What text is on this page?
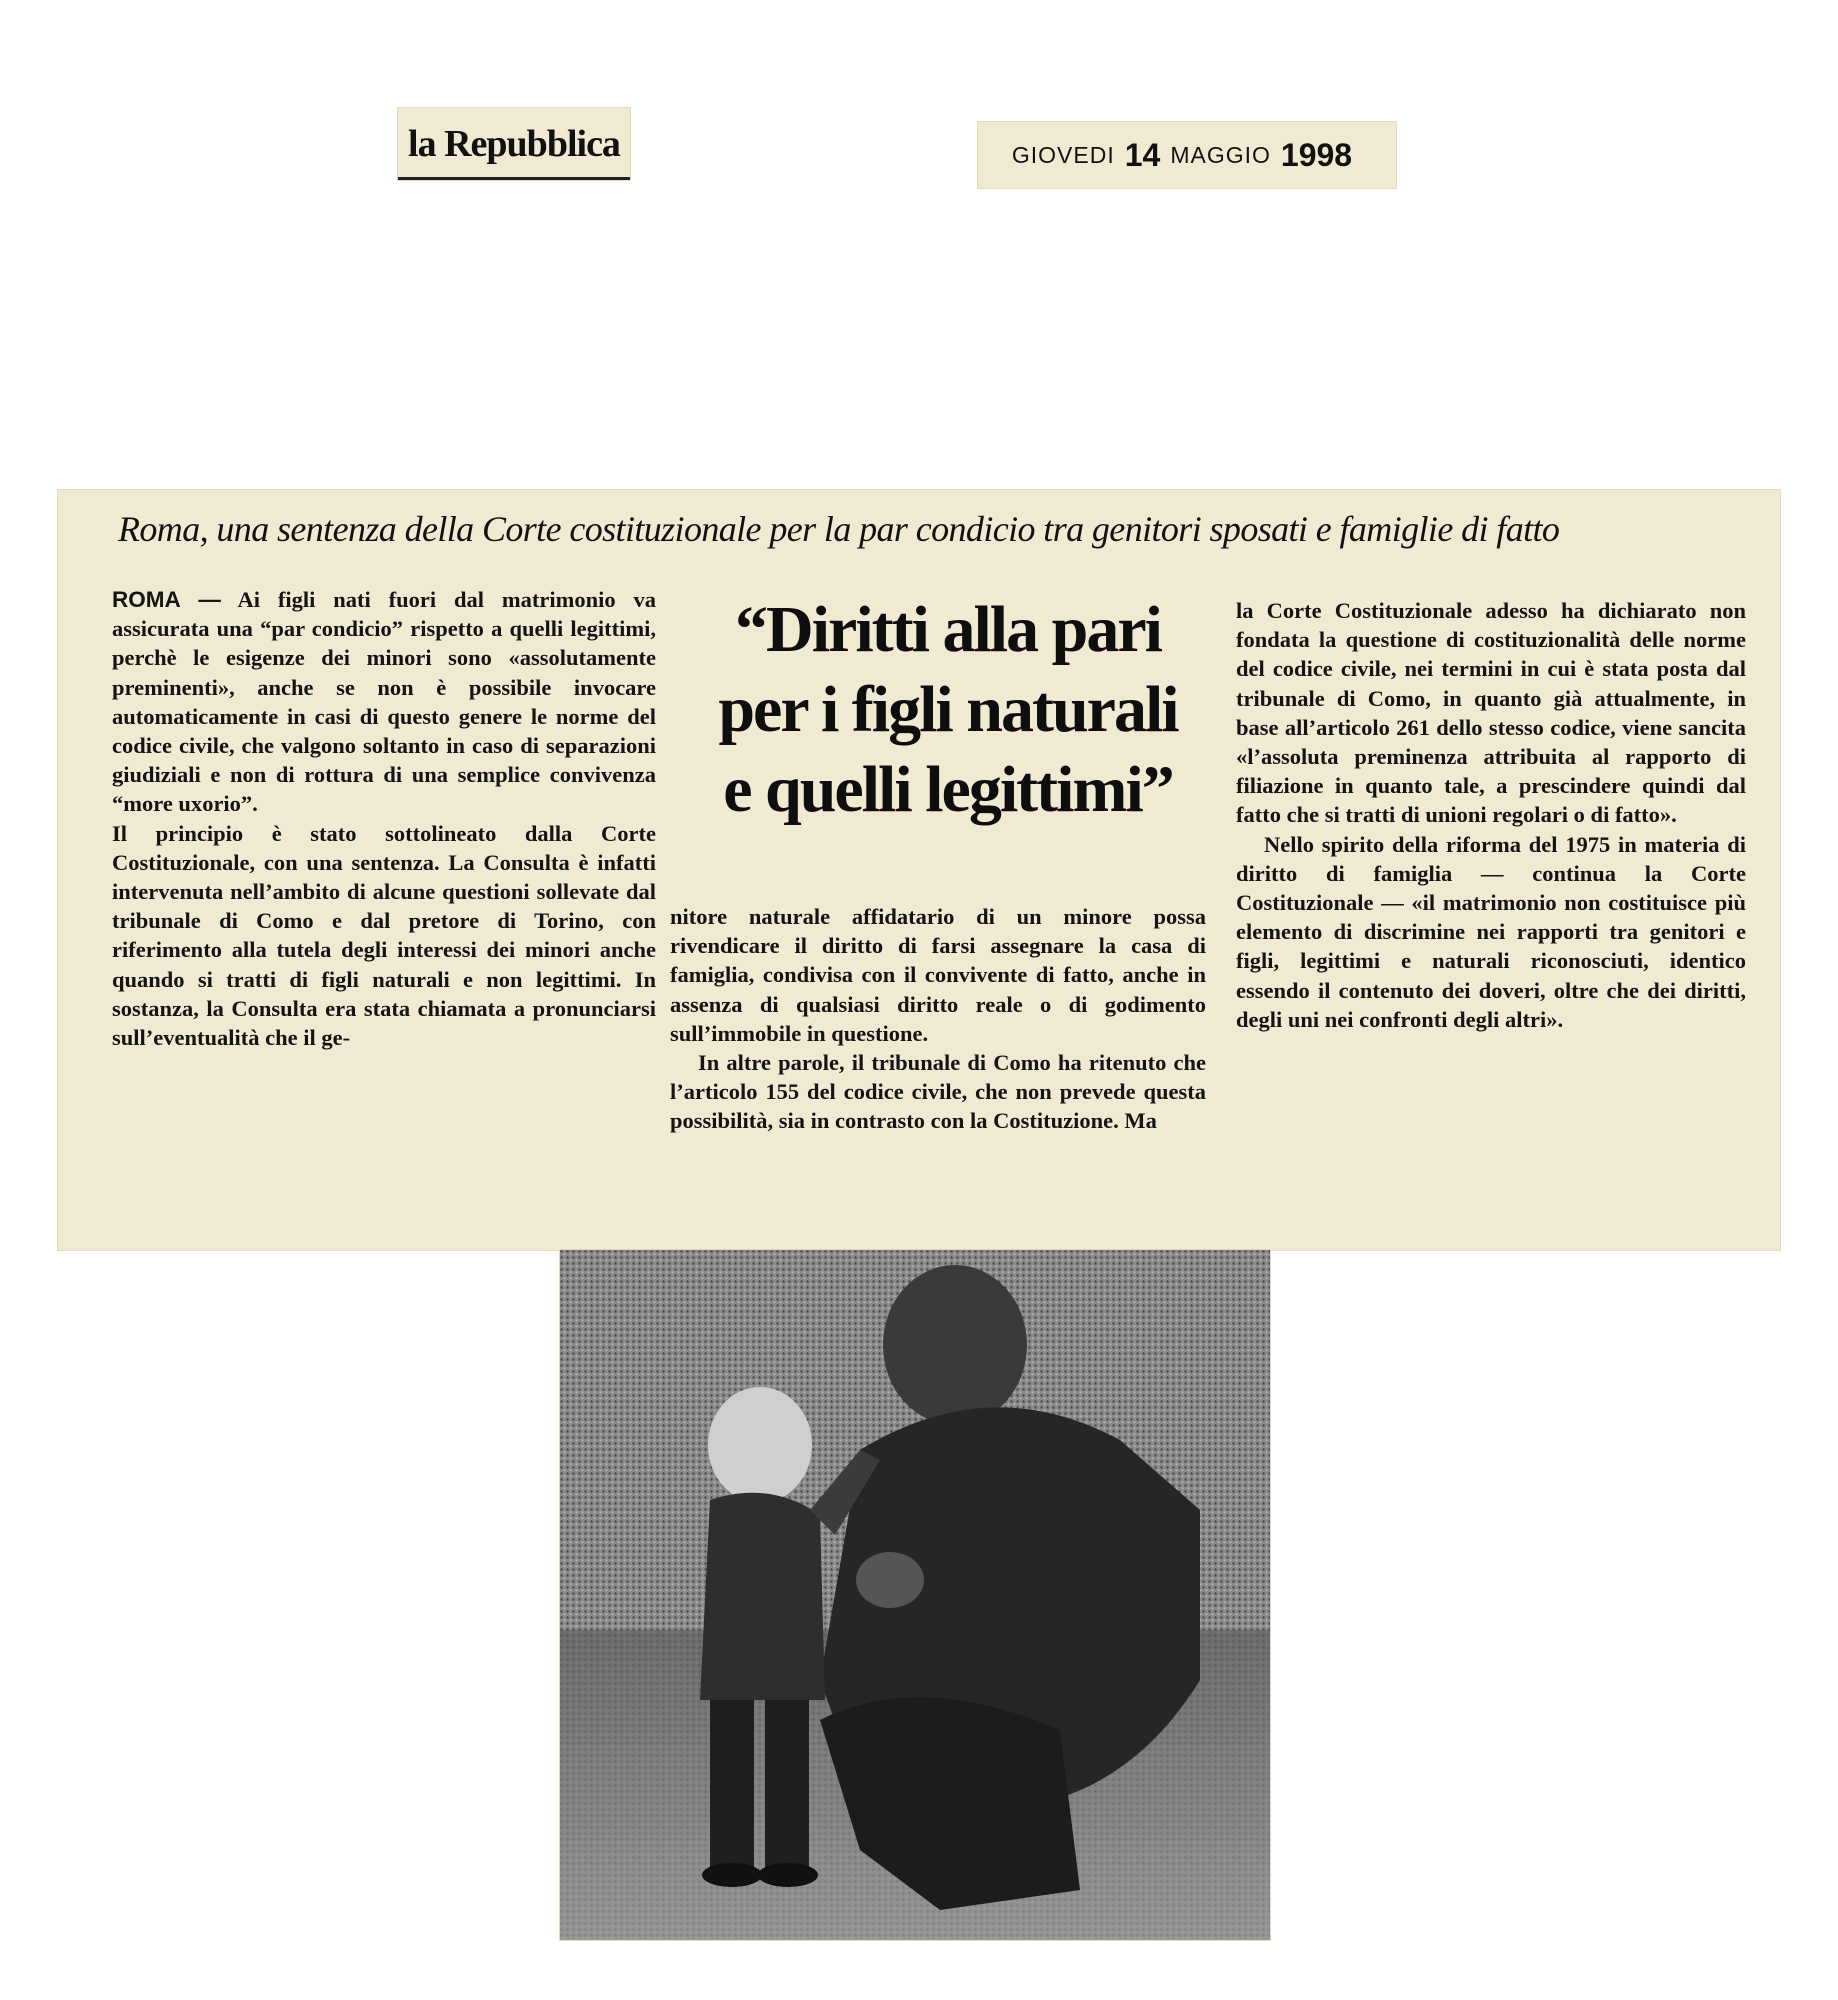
la Repubblica	GIOVEDI 14 MAGGIO 1998
Roma, una sentenza della Corte costituzionale per la par condicio tra genitori sposati e famiglie di fatto

ROMA — Ai figli nati fuori dal matrimonio va assicurata una “par condicio” rispetto a quelli legittimi, perchè le esigenze dei minori sono «assolutamente preminenti», anche se non è possibile invocare automaticamente in casi di questo genere le norme del codice civile, che valgono soltanto in caso di separazioni giudiziali e non di rottura di una semplice convivenza “more uxorio”.

Il principio è stato sottolineato dalla Corte Costituzionale, con una sentenza. La Consulta è infatti intervenuta nell’ambito di alcune questioni sollevate dal tribunale di Como e dal pretore di Torino, con riferimento alla tutela degli interessi dei minori anche quando si tratti di figli naturali e non legittimi. In sostanza, la Consulta era stata chiamata a pronunciarsi sull’eventualità che il ge-

“Diritti alla pari
per i figli naturali
e quelli legittimi”

nitore naturale affidatario di un minore possa rivendicare il diritto di farsi assegnare la casa di famiglia, condivisa con il convivente di fatto, anche in assenza di qualsiasi diritto reale o di godimento sull’immobile in questione.

In altre parole, il tribunale di Como ha ritenuto che l’articolo 155 del codice civile, che non prevede questa possibilità, sia in contrasto con la Costituzione. Ma

la Corte Costituzionale adesso ha dichiarato non fondata la questione di costituzionalità delle norme del codice civile, nei termini in cui è stata posta dal tribunale di Como, in quanto già attualmente, in base all’articolo 261 dello stesso codice, viene sancita «l’assoluta preminenza attribuita al rapporto di filiazione in quanto tale, a prescindere quindi dal fatto che si tratti di unioni regolari o di fatto».

Nello spirito della riforma del 1975 in materia di diritto di famiglia — continua la Corte Costituzionale — «il matrimonio non costituisce più elemento di discrimine nei rapporti tra genitori e figli, legittimi e naturali riconosciuti, identico essendo il contenuto dei doveri, oltre che dei diritti, degli uni nei confronti degli altri».
